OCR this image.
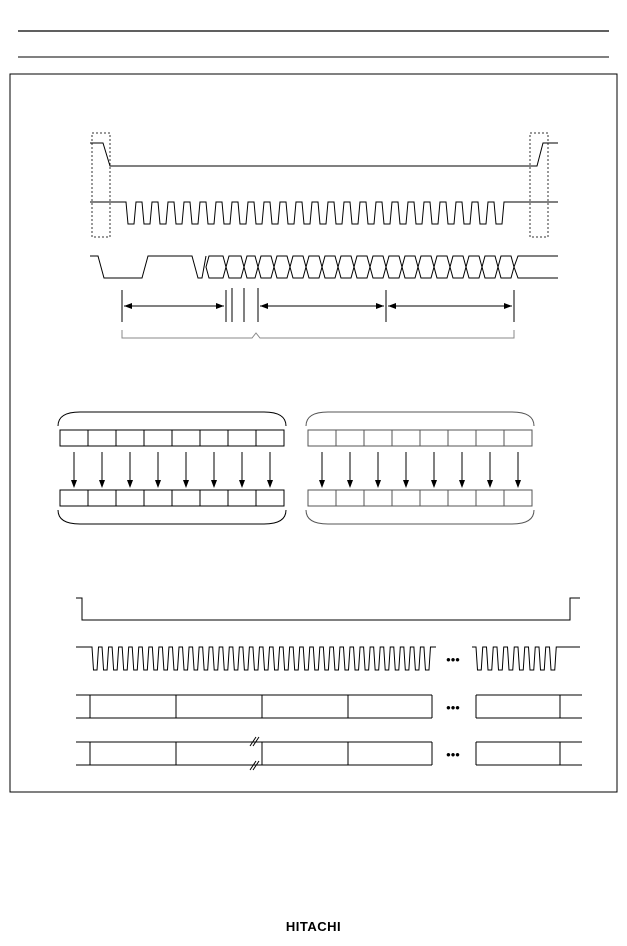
•••
•••
•••
HITACHI
